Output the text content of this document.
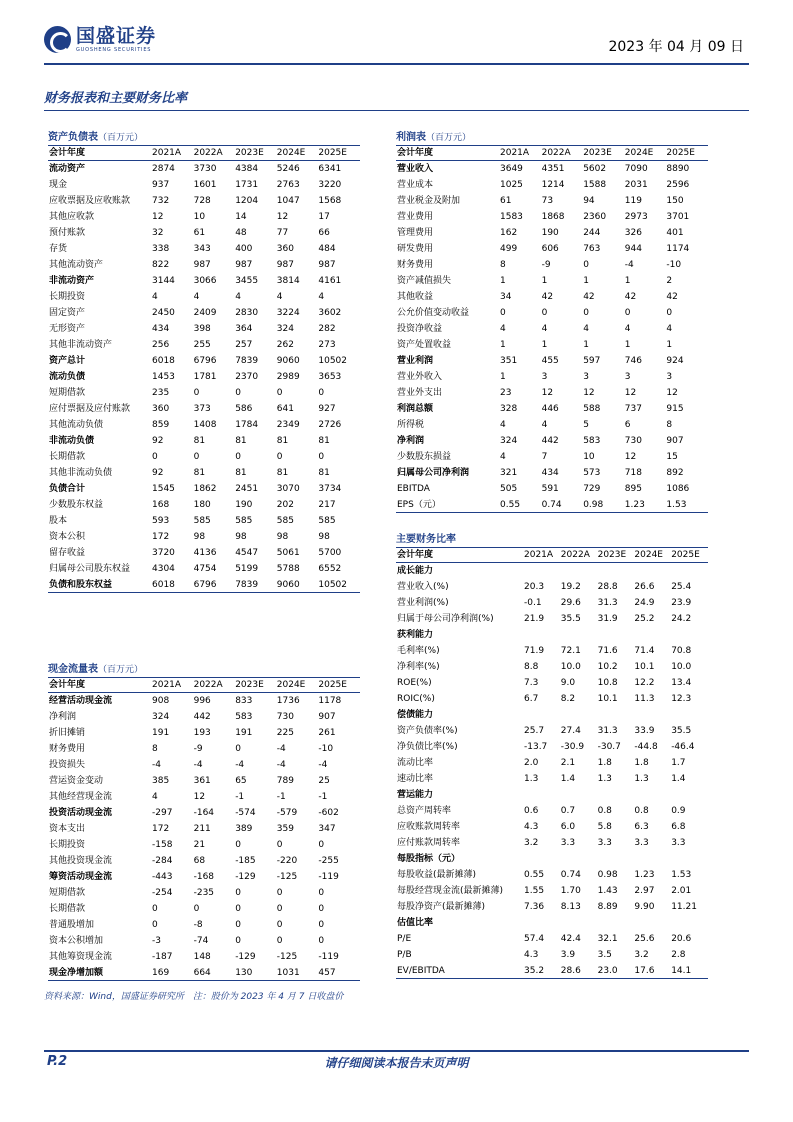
国盛证券
GUOSHENG SECURITIES	2023 年 04 月 09 日
财务报表和主要财务比率
资产负债表（百万元）
会计年度	2021A	2022A	2023E	2024E	2025E
流动资产	2874	3730	4384	5246	6341
现金	937	1601	1731	2763	3220
应收票据及应收账款	732	728	1204	1047	1568
其他应收款	12	10	14	12	17
预付账款	32	61	48	77	66
存货	338	343	400	360	484
其他流动资产	822	987	987	987	987
非流动资产	3144	3066	3455	3814	4161
长期投资	4	4	4	4	4
固定资产	2450	2409	2830	3224	3602
无形资产	434	398	364	324	282
其他非流动资产	256	255	257	262	273
资产总计	6018	6796	7839	9060	10502
流动负债	1453	1781	2370	2989	3653
短期借款	235	0	0	0	0
应付票据及应付账款	360	373	586	641	927
其他流动负债	859	1408	1784	2349	2726
非流动负债	92	81	81	81	81
长期借款	0	0	0	0	0
其他非流动负债	92	81	81	81	81
负债合计	1545	1862	2451	3070	3734
少数股东权益	168	180	190	202	217
股本	593	585	585	585	585
资本公积	172	98	98	98	98
留存收益	3720	4136	4547	5061	5700
归属母公司股东权益	4304	4754	5199	5788	6552
负债和股东权益	6018	6796	7839	9060	10502
利润表（百万元）
会计年度	2021A	2022A	2023E	2024E	2025E
营业收入	3649	4351	5602	7090	8890
营业成本	1025	1214	1588	2031	2596
营业税金及附加	61	73	94	119	150
营业费用	1583	1868	2360	2973	3701
管理费用	162	190	244	326	401
研发费用	499	606	763	944	1174
财务费用	8	-9	0	-4	-10
资产减值损失	1	1	1	1	2
其他收益	34	42	42	42	42
公允价值变动收益	0	0	0	0	0
投资净收益	4	4	4	4	4
资产处置收益	1	1	1	1	1
营业利润	351	455	597	746	924
营业外收入	1	3	3	3	3
营业外支出	23	12	12	12	12
利润总额	328	446	588	737	915
所得税	4	4	5	6	8
净利润	324	442	583	730	907
少数股东损益	4	7	10	12	15
归属母公司净利润	321	434	573	718	892
EBITDA	505	591	729	895	1086
EPS（元）	0.55	0.74	0.98	1.23	1.53
现金流量表（百万元）
会计年度	2021A	2022A	2023E	2024E	2025E
经营活动现金流	908	996	833	1736	1178
净利润	324	442	583	730	907
折旧摊销	191	193	191	225	261
财务费用	8	-9	0	-4	-10
投资损失	-4	-4	-4	-4	-4
营运资金变动	385	361	65	789	25
其他经营现金流	4	12	-1	-1	-1
投资活动现金流	-297	-164	-574	-579	-602
资本支出	172	211	389	359	347
长期投资	-158	21	0	0	0
其他投资现金流	-284	68	-185	-220	-255
筹资活动现金流	-443	-168	-129	-125	-119
短期借款	-254	-235	0	0	0
长期借款	0	0	0	0	0
普通股增加	0	-8	0	0	0
资本公积增加	-3	-74	0	0	0
其他筹资现金流	-187	148	-129	-125	-119
现金净增加额	169	664	130	1031	457
主要财务比率
会计年度	2021A 2022A 2023E 2024E 2025E
成长能力
营业收入(%)	20.3	19.2	28.8	26.6	25.4
营业利润(%)	-0.1	29.6	31.3	24.9	23.9
归属于母公司净利润(%)	21.9	35.5	31.9	25.2	24.2
获利能力
毛利率(%)	71.9	72.1	71.6	71.4	70.8
净利率(%)	8.8	10.0	10.2	10.1	10.0
ROE(%)	7.3	9.0	10.8	12.2	13.4
ROIC(%)	6.7	8.2	10.1	11.3	12.3
偿债能力
资产负债率(%)	25.7	27.4	31.3	33.9	35.5
净负债比率(%)	-13.7	-30.9	-30.7	-44.8	-46.4
流动比率	2.0	2.1	1.8	1.8	1.7
速动比率	1.3	1.4	1.3	1.3	1.4
营运能力
总资产周转率	0.6	0.7	0.8	0.8	0.9
应收账款周转率	4.3	6.0	5.8	6.3	6.8
应付账款周转率	3.2	3.3	3.3	3.3	3.3
每股指标（元）
每股收益(最新摊薄)	0.55	0.74	0.98	1.23	1.53
每股经营现金流(最新摊薄)	1.55	1.70	1.43	2.97	2.01
每股净资产(最新摊薄)	7.36	8.13	8.89	9.90	11.21
估值比率
P/E	57.4	42.4	32.1	25.6	20.6
P/B	4.3	3.9	3.5	3.2	2.8
EV/EBITDA	35.2	28.6	23.0	17.6	14.1
资料来源：Wind，国盛证券研究所　注：股价为 2023 年 4 月 7 日收盘价
P.2	请仔细阅读本报告末页声明
